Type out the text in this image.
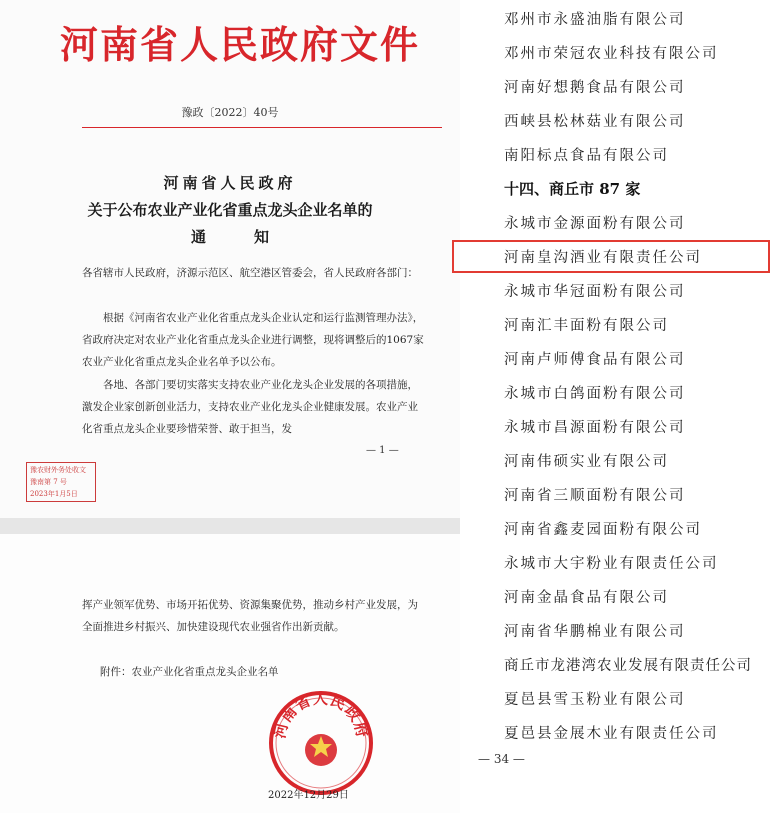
河南省人民政府文件
豫政〔2022〕40号
河南省人民政府
关于公布农业产业化省重点龙头企业名单的
通知
各省辖市人民政府，济源示范区、航空港区管委会，省人民政府各部门：
根据《河南省农业产业化省重点龙头企业认定和运行监测管理办法》，省政府决定对农业产业化省重点龙头企业进行调整，现将调整后的1067家农业产业化省重点龙头企业名单予以公布。
各地、各部门要切实落实支持农业产业化龙头企业发展的各项措施，激发企业家创新创业活力，支持农业产业化龙头企业健康发展。农业产业化省重点龙头企业要珍惜荣誉、敢于担当，发
— 1 —
豫农财外务处收文
豫南第 7 号
2023年1月5日
挥产业领军优势、市场开拓优势、资源集聚优势，推动乡村产业发展，为全面推进乡村振兴、加快建设现代农业强省作出新贡献。
附件：农业产业化省重点龙头企业名单
河南省人民政府
2022年12月29日
邓州市永盛油脂有限公司
邓州市荣冠农业科技有限公司
河南好想鹅食品有限公司
西峡县松林菇业有限公司
南阳标点食品有限公司
十四、商丘市 87 家
永城市金源面粉有限公司
河南皇沟酒业有限责任公司
永城市华冠面粉有限公司
河南汇丰面粉有限公司
河南卢师傅食品有限公司
永城市白鸽面粉有限公司
永城市昌源面粉有限公司
河南伟硕实业有限公司
河南省三顺面粉有限公司
河南省鑫麦园面粉有限公司
永城市大宇粉业有限责任公司
河南金晶食品有限公司
河南省华鹏棉业有限公司
商丘市龙港湾农业发展有限责任公司
夏邑县雪玉粉业有限公司
夏邑县金展木业有限责任公司
— 34 —
